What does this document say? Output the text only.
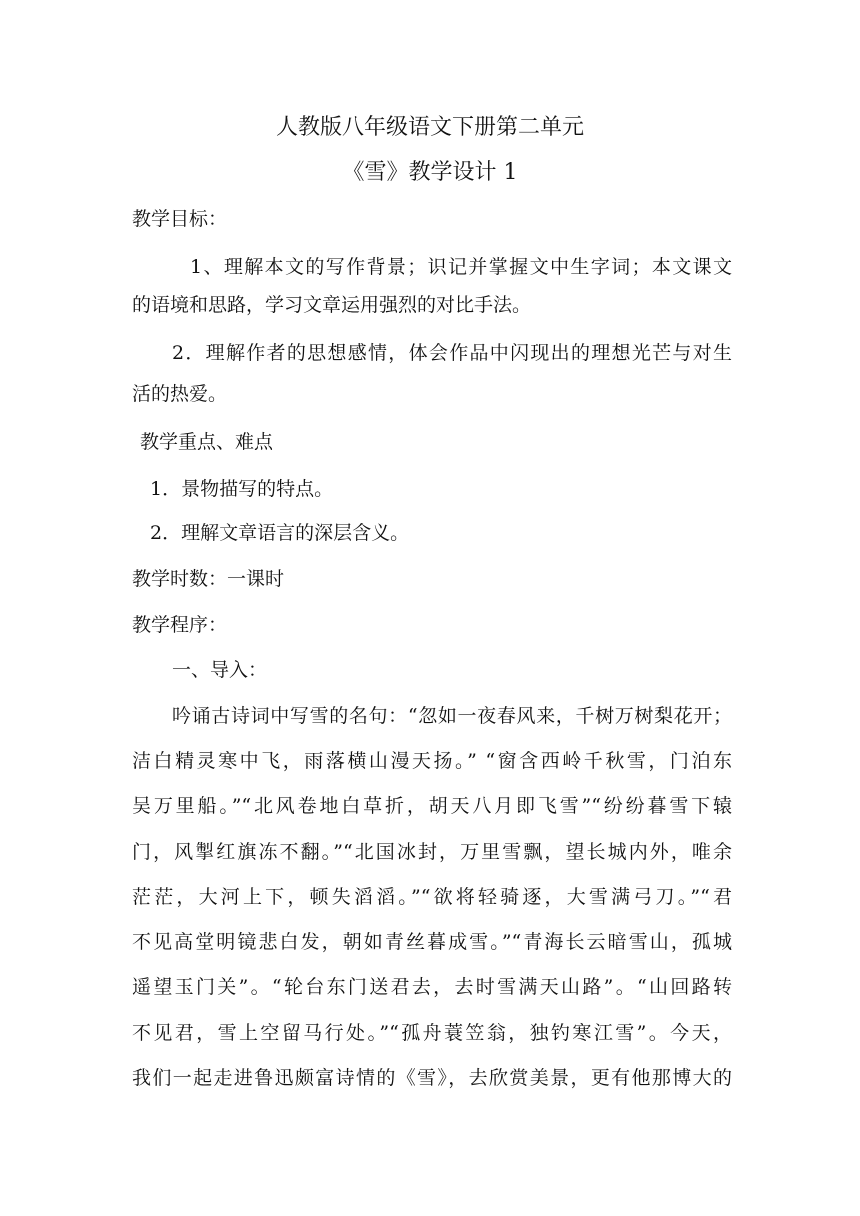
人教版八年级语文下册第二单元
《雪》教学设计 1
教学目标：
1、理解本文的写作背景；识记并掌握文中生字词；本文课文
的语境和思路，学习文章运用强烈的对比手法。
2．理解作者的思想感情，体会作品中闪现出的理想光芒与对生
活的热爱。
教学重点、难点
1．景物描写的特点。
2．理解文章语言的深层含义。
教学时数：一课时
教学程序：
一、导入：
吟诵古诗词中写雪的名句：“忽如一夜春风来，千树万树梨花开；
洁白精灵寒中飞，雨落横山漫天扬。” “窗含西岭千秋雪，门泊东
吴万里船。”“北风卷地白草折，胡天八月即飞雪”“纷纷暮雪下辕
门，风掣红旗冻不翻。”“北国冰封，万里雪飘，望长城内外，唯余
茫茫，大河上下，顿失滔滔。”“欲将轻骑逐，大雪满弓刀。”“君
不见高堂明镜悲白发，朝如青丝暮成雪。”“青海长云暗雪山，孤城
遥望玉门关”。“轮台东门送君去，去时雪满天山路”。“山回路转
不见君，雪上空留马行处。”“孤舟蓑笠翁，独钓寒江雪”。今天，
我们一起走进鲁迅颇富诗情的《雪》，去欣赏美景，更有他那博大的
